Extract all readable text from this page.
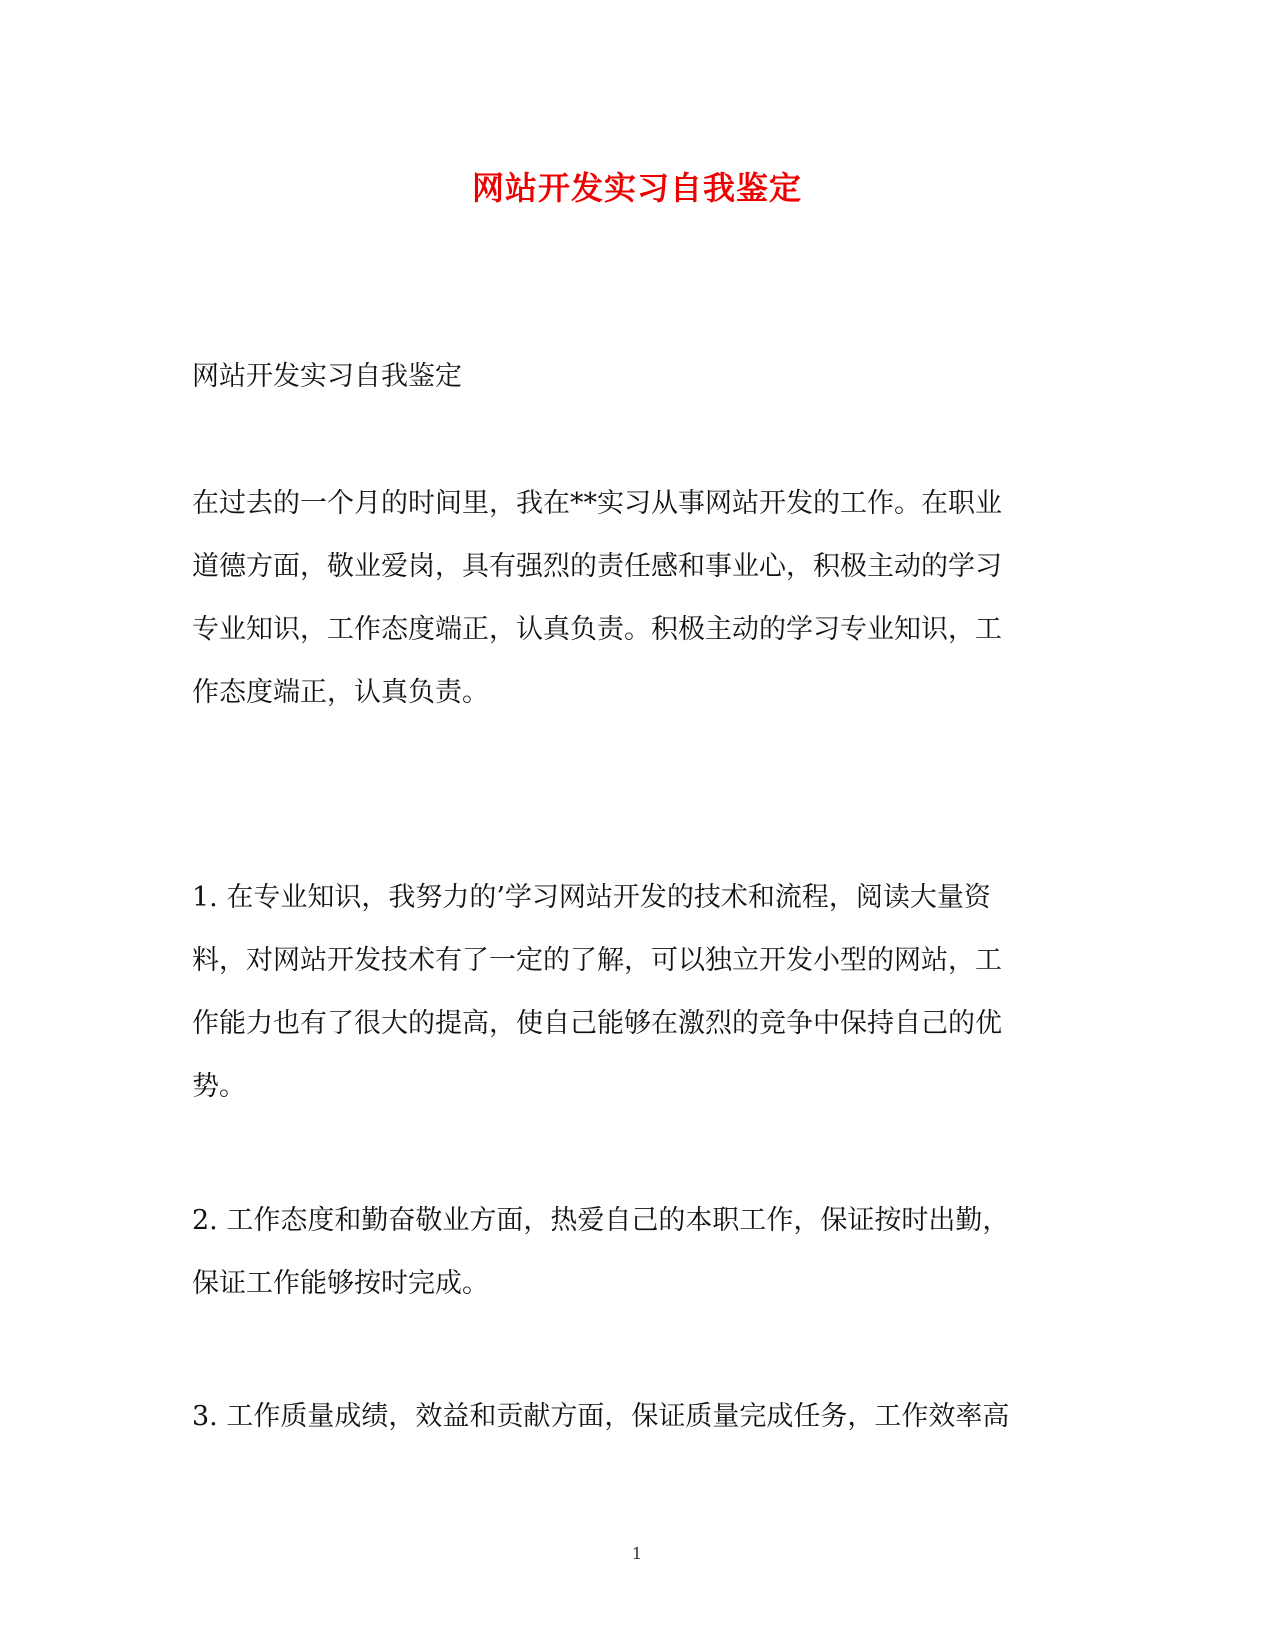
网站开发实习自我鉴定

网站开发实习自我鉴定

在过去的一个月的时间里，我在**实习从事网站开发的工作。在职业
道德方面，敬业爱岗，具有强烈的责任感和事业心，积极主动的学习
专业知识，工作态度端正，认真负责。积极主动的学习专业知识，工
作态度端正，认真负责。

1. 在专业知识，我努力的’学习网站开发的技术和流程，阅读大量资
料，对网站开发技术有了一定的了解，可以独立开发小型的网站，工
作能力也有了很大的提高，使自己能够在激烈的竞争中保持自己的优
势。

2. 工作态度和勤奋敬业方面，热爱自己的本职工作，保证按时出勤，
保证工作能够按时完成。

3. 工作质量成绩，效益和贡献方面，保证质量完成任务，工作效率高

1
